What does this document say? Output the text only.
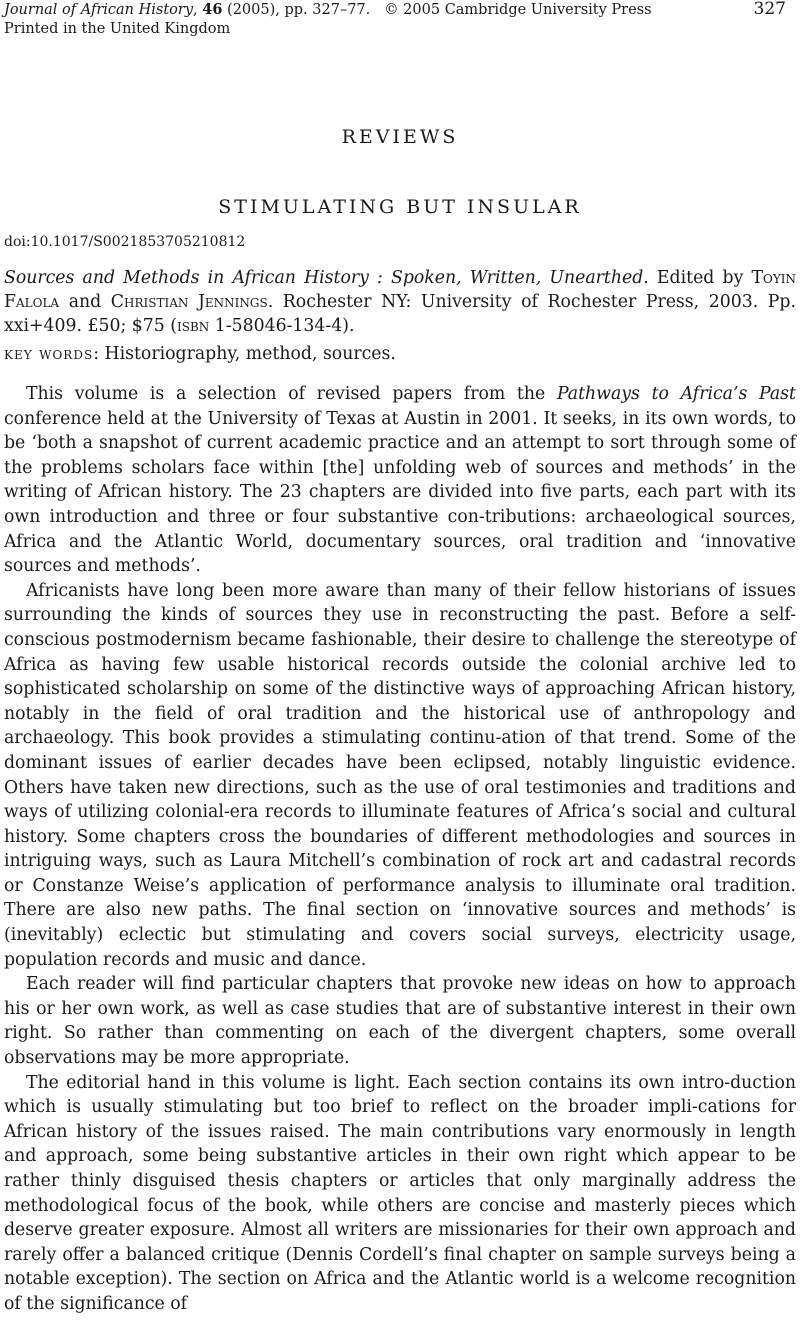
Journal of African History, 46 (2005), pp. 327–77. © 2005 Cambridge University Press	327
Printed in the United Kingdom
REVIEWS
STIMULATING BUT INSULAR
doi:10.1017/S0021853705210812
Sources and Methods in African History : Spoken, Written, Unearthed. Edited by Toyin Falola and Christian Jennings. Rochester NY: University of Rochester Press, 2003. Pp. xxi+409. £50; $75 (isbn 1-58046-134-4).
key words: Historiography, method, sources.

This volume is a selection of revised papers from the Pathways to Africa’s Past conference held at the University of Texas at Austin in 2001. It seeks, in its own words, to be ‘both a snapshot of current academic practice and an attempt to sort through some of the problems scholars face within [the] unfolding web of sources and methods’ in the writing of African history. The 23 chapters are divided into five parts, each part with its own introduction and three or four substantive con-tributions: archaeological sources, Africa and the Atlantic World, documentary sources, oral tradition and ‘innovative sources and methods’.

Africanists have long been more aware than many of their fellow historians of issues surrounding the kinds of sources they use in reconstructing the past. Before a self-conscious postmodernism became fashionable, their desire to challenge the stereotype of Africa as having few usable historical records outside the colonial archive led to sophisticated scholarship on some of the distinctive ways of approaching African history, notably in the field of oral tradition and the historical use of anthropology and archaeology. This book provides a stimulating continu-ation of that trend. Some of the dominant issues of earlier decades have been eclipsed, notably linguistic evidence. Others have taken new directions, such as the use of oral testimonies and traditions and ways of utilizing colonial-era records to illuminate features of Africa’s social and cultural history. Some chapters cross the boundaries of different methodologies and sources in intriguing ways, such as Laura Mitchell’s combination of rock art and cadastral records or Constanze Weise’s application of performance analysis to illuminate oral tradition. There are also new paths. The final section on ‘innovative sources and methods’ is (inevitably) eclectic but stimulating and covers social surveys, electricity usage, population records and music and dance.

Each reader will find particular chapters that provoke new ideas on how to approach his or her own work, as well as case studies that are of substantive interest in their own right. So rather than commenting on each of the divergent chapters, some overall observations may be more appropriate.

The editorial hand in this volume is light. Each section contains its own intro-duction which is usually stimulating but too brief to reflect on the broader impli-cations for African history of the issues raised. The main contributions vary enormously in length and approach, some being substantive articles in their own right which appear to be rather thinly disguised thesis chapters or articles that only marginally address the methodological focus of the book, while others are concise and masterly pieces which deserve greater exposure. Almost all writers are missionaries for their own approach and rarely offer a balanced critique (Dennis Cordell’s final chapter on sample surveys being a notable exception). The section on Africa and the Atlantic world is a welcome recognition of the significance of
